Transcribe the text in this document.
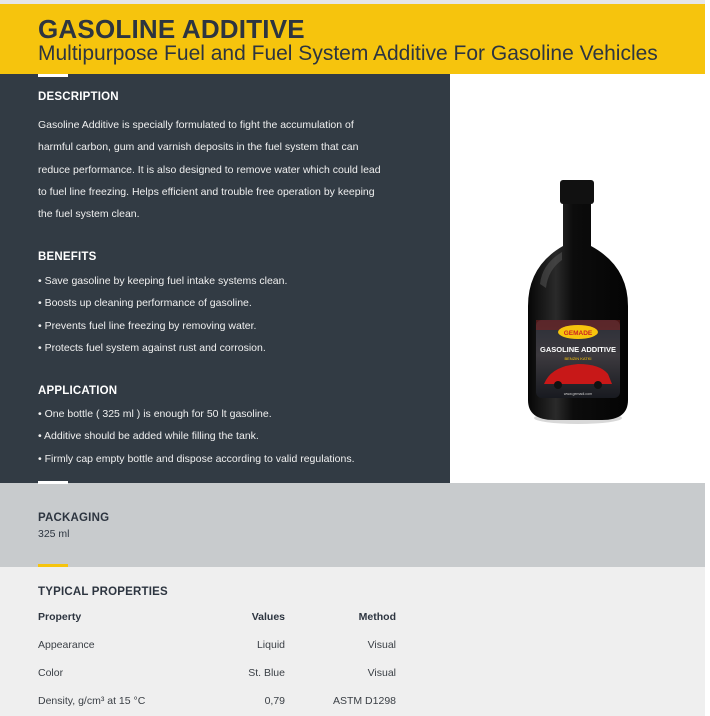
GASOLINE ADDITIVE
Multipurpose Fuel and Fuel System Additive For Gasoline Vehicles
DESCRIPTION
Gasoline Additive is specially formulated to fight the accumulation of
harmful carbon, gum and varnish deposits in the fuel system that can
reduce performance. It is also designed to remove water which could lead
to fuel line freezing. Helps efficient and trouble free operation by keeping
the fuel system clean.
BENEFITS
• Save gasoline by keeping fuel intake systems clean.
• Boosts up cleaning performance of gasoline.
• Prevents fuel line freezing by removing water.
• Protects fuel system against rust and corrosion.
APPLICATION
• One bottle ( 325 ml ) is enough for 50 lt gasoline.
• Additive should be added while filling the tank.
• Firmly cap empty bottle and dispose according to valid regulations.
GEMADE
GASOLINE ADDITIVE
BENZIN KATKI
www.gemadi.com
PACKAGING
325 ml
TYPICAL PROPERTIES
Property	Values	Method
Appearance	Liquid	Visual
Color	St. Blue	Visual
Density, g/cm³ at 15 °C	0,79	ASTM D1298
